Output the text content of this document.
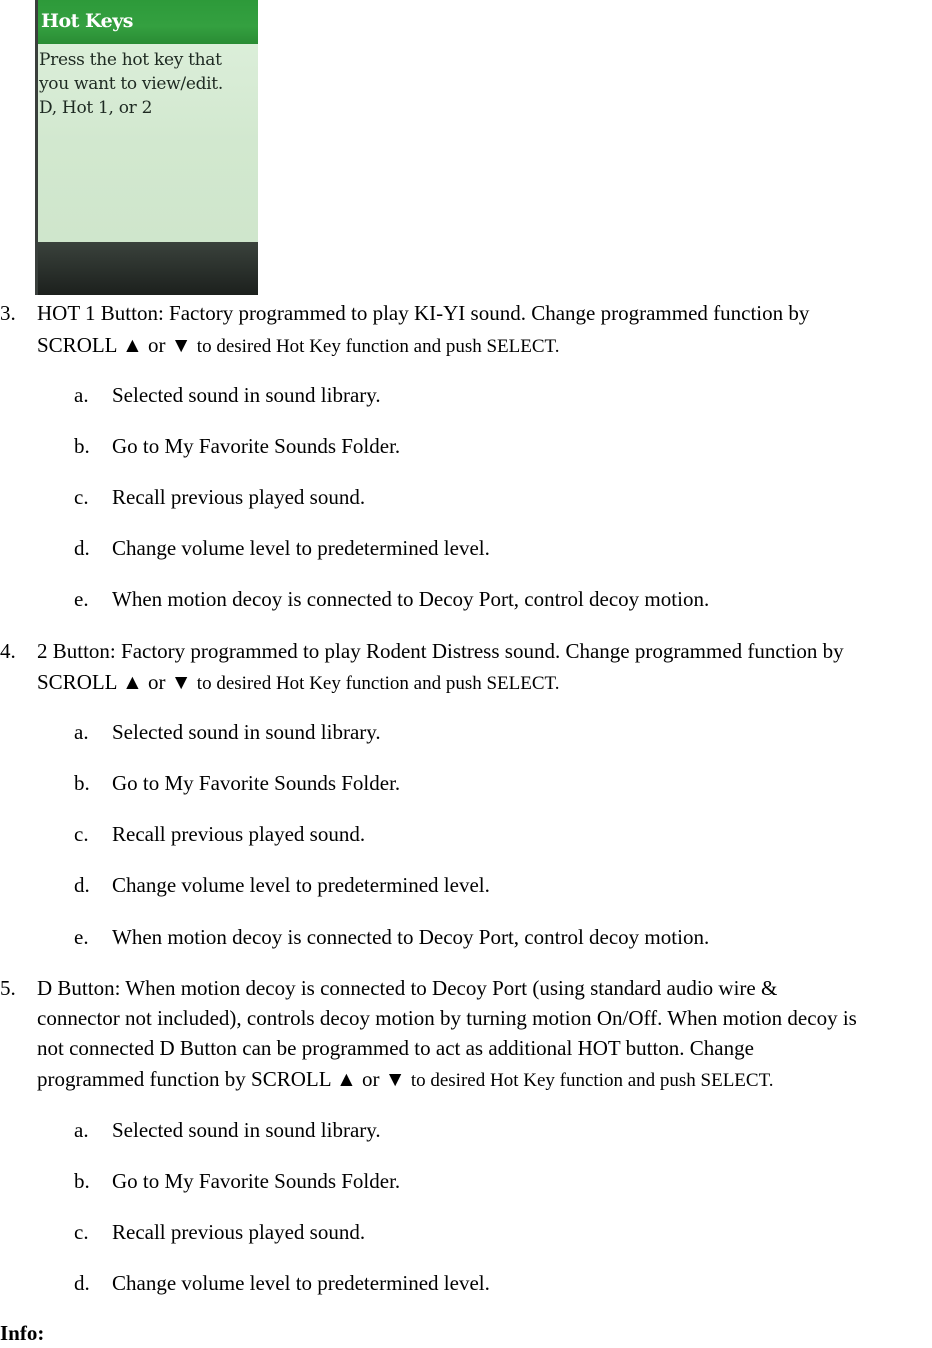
Hot Keys
Press the hot key that
you want to view/edit.
D, Hot 1, or 2
3. HOT 1 Button: Factory programmed to play KI-YI sound. Change programmed function by
SCROLL ▲ or ▼ to desired Hot Key function and push SELECT.
a. Selected sound in sound library.
b. Go to My Favorite Sounds Folder.
c. Recall previous played sound.
d. Change volume level to predetermined level.
e. When motion decoy is connected to Decoy Port, control decoy motion.
4. 2 Button: Factory programmed to play Rodent Distress sound. Change programmed function by
SCROLL ▲ or ▼ to desired Hot Key function and push SELECT.
a. Selected sound in sound library.
b. Go to My Favorite Sounds Folder.
c. Recall previous played sound.
d. Change volume level to predetermined level.
e. When motion decoy is connected to Decoy Port, control decoy motion.
5. D Button: When motion decoy is connected to Decoy Port (using standard audio wire &
connector not included), controls decoy motion by turning motion On/Off. When motion decoy is
not connected D Button can be programmed to act as additional HOT button. Change
programmed function by SCROLL ▲ or ▼ to desired Hot Key function and push SELECT.
a. Selected sound in sound library.
b. Go to My Favorite Sounds Folder.
c. Recall previous played sound.
d. Change volume level to predetermined level.
Info:
